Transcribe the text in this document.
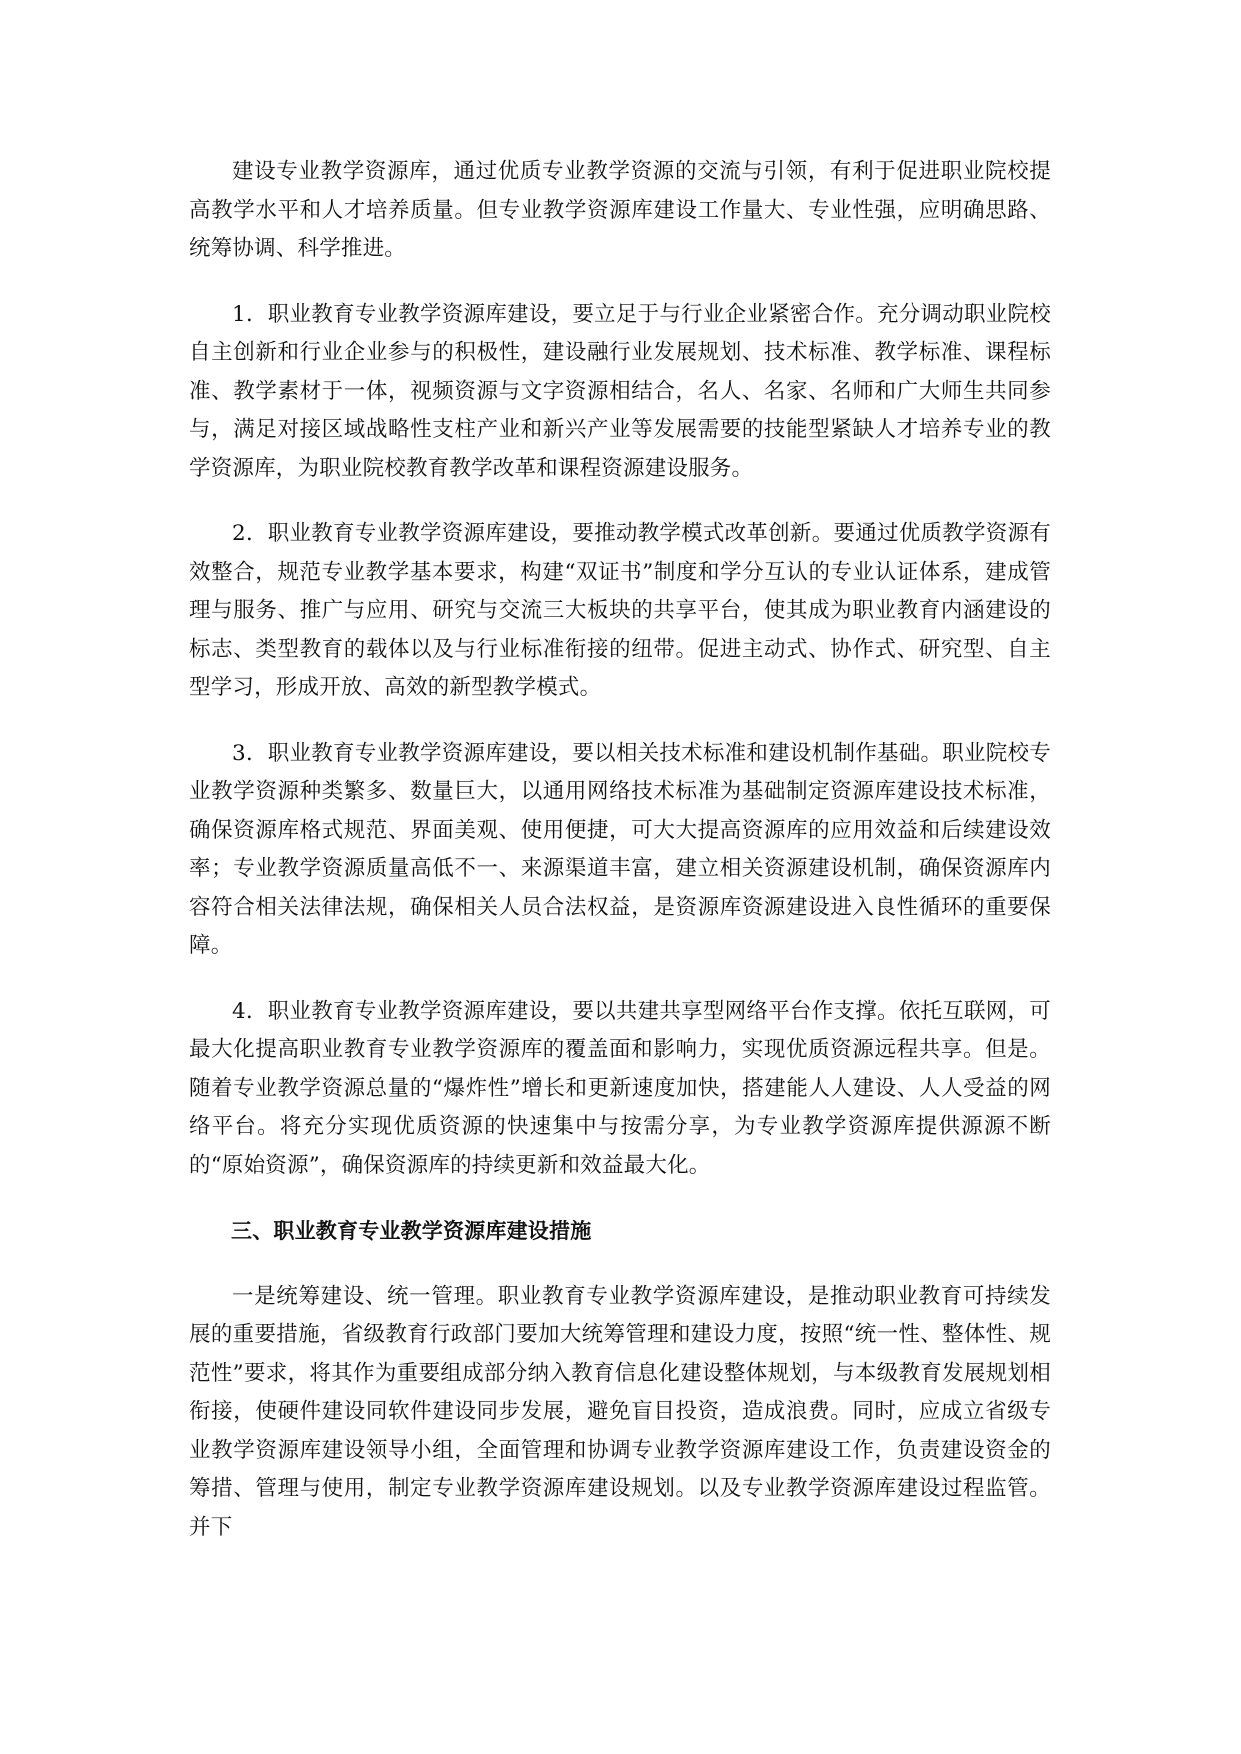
建设专业教学资源库，通过优质专业教学资源的交流与引领，有利于促进职业院校提高教学水平和人才培养质量。但专业教学资源库建设工作量大、专业性强，应明确思路、统筹协调、科学推进。

1．职业教育专业教学资源库建设，要立足于与行业企业紧密合作。充分调动职业院校自主创新和行业企业参与的积极性，建设融行业发展规划、技术标准、教学标准、课程标准、教学素材于一体，视频资源与文字资源相结合，名人、名家、名师和广大师生共同参与，满足对接区域战略性支柱产业和新兴产业等发展需要的技能型紧缺人才培养专业的教学资源库，为职业院校教育教学改革和课程资源建设服务。

2．职业教育专业教学资源库建设，要推动教学模式改革创新。要通过优质教学资源有效整合，规范专业教学基本要求，构建“双证书”制度和学分互认的专业认证体系，建成管理与服务、推广与应用、研究与交流三大板块的共享平台，使其成为职业教育内涵建设的标志、类型教育的载体以及与行业标准衔接的纽带。促进主动式、协作式、研究型、自主型学习，形成开放、高效的新型教学模式。

3．职业教育专业教学资源库建设，要以相关技术标准和建设机制作基础。职业院校专业教学资源种类繁多、数量巨大，以通用网络技术标准为基础制定资源库建设技术标准，确保资源库格式规范、界面美观、使用便捷，可大大提高资源库的应用效益和后续建设效率；专业教学资源质量高低不一、来源渠道丰富，建立相关资源建设机制，确保资源库内容符合相关法律法规，确保相关人员合法权益，是资源库资源建设进入良性循环的重要保障。

4．职业教育专业教学资源库建设，要以共建共享型网络平台作支撑。依托互联网，可最大化提高职业教育专业教学资源库的覆盖面和影响力，实现优质资源远程共享。但是。随着专业教学资源总量的“爆炸性”增长和更新速度加快，搭建能人人建设、人人受益的网络平台。将充分实现优质资源的快速集中与按需分享，为专业教学资源库提供源源不断的“原始资源”，确保资源库的持续更新和效益最大化。

三、职业教育专业教学资源库建设措施

一是统筹建设、统一管理。职业教育专业教学资源库建设，是推动职业教育可持续发展的重要措施，省级教育行政部门要加大统筹管理和建设力度，按照“统一性、整体性、规范性”要求，将其作为重要组成部分纳入教育信息化建设整体规划，与本级教育发展规划相衔接，使硬件建设同软件建设同步发展，避免盲目投资，造成浪费。同时，应成立省级专业教学资源库建设领导小组，全面管理和协调专业教学资源库建设工作，负责建设资金的筹措、管理与使用，制定专业教学资源库建设规划。以及专业教学资源库建设过程监管。并下
